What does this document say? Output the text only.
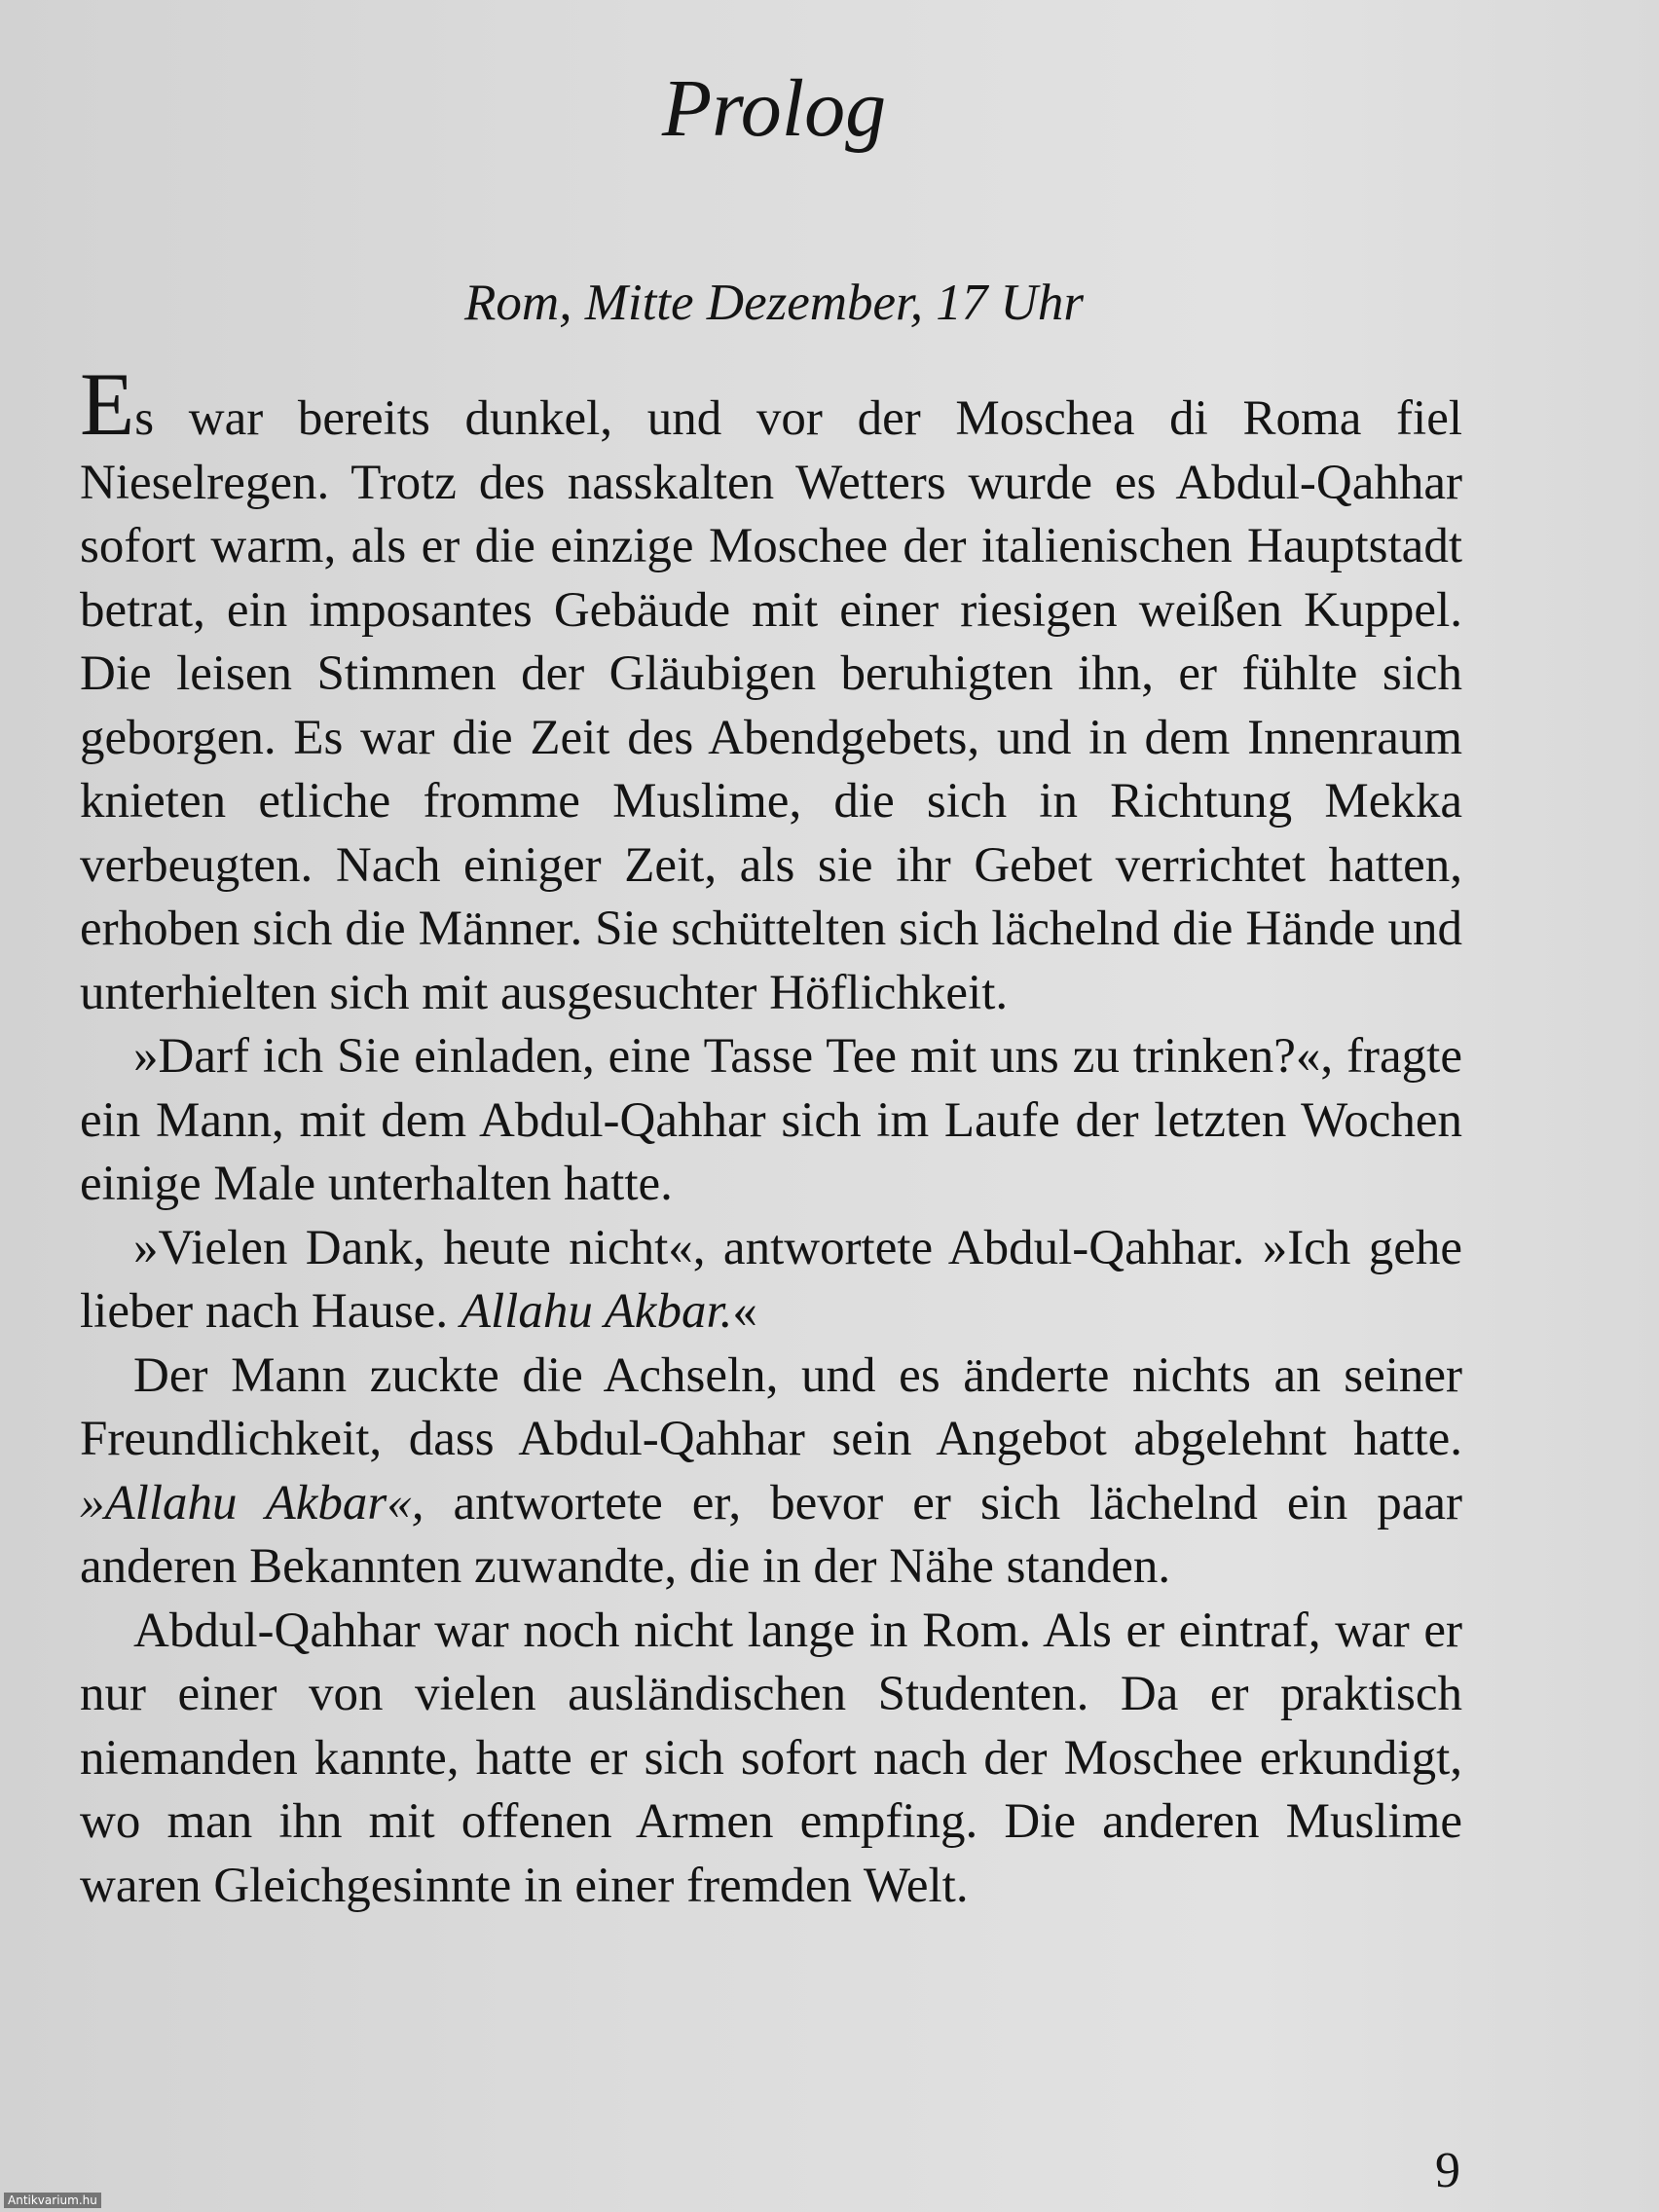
Prolog
Rom, Mitte Dezember, 17 Uhr

Es war bereits dunkel, und vor der Moschea di Roma fiel Nieselregen. Trotz des nasskalten Wetters wurde es Abdul-Qahhar sofort warm, als er die einzige Moschee der italienischen Hauptstadt betrat, ein imposantes Gebäude mit einer riesigen weißen Kuppel. Die leisen Stimmen der Gläubigen beruhigten ihn, er fühlte sich geborgen. Es war die Zeit des Abendgebets, und in dem Innenraum knieten etliche fromme Muslime, die sich in Richtung Mekka verbeugten. Nach einiger Zeit, als sie ihr Gebet verrichtet hatten, erhoben sich die Männer. Sie schüttelten sich lächelnd die Hände und unterhielten sich mit ausgesuchter Höflichkeit.

»Darf ich Sie einladen, eine Tasse Tee mit uns zu trinken?«, fragte ein Mann, mit dem Abdul-Qahhar sich im Laufe der letzten Wochen einige Male unterhalten hatte.

»Vielen Dank, heute nicht«, antwortete Abdul-Qahhar. »Ich gehe lieber nach Hause. Allahu Akbar.«

Der Mann zuckte die Achseln, und es änderte nichts an seiner Freundlichkeit, dass Abdul-Qahhar sein Angebot abgelehnt hatte. »Allahu Akbar«, antwortete er, bevor er sich lächelnd ein paar anderen Bekannten zuwandte, die in der Nähe standen.

Abdul-Qahhar war noch nicht lange in Rom. Als er eintraf, war er nur einer von vielen ausländischen Studenten. Da er praktisch niemanden kannte, hatte er sich sofort nach der Moschee erkundigt, wo man ihn mit offenen Armen empfing. Die anderen Muslime waren Gleichgesinnte in einer fremden Welt.

9
Antikvarium.hu
